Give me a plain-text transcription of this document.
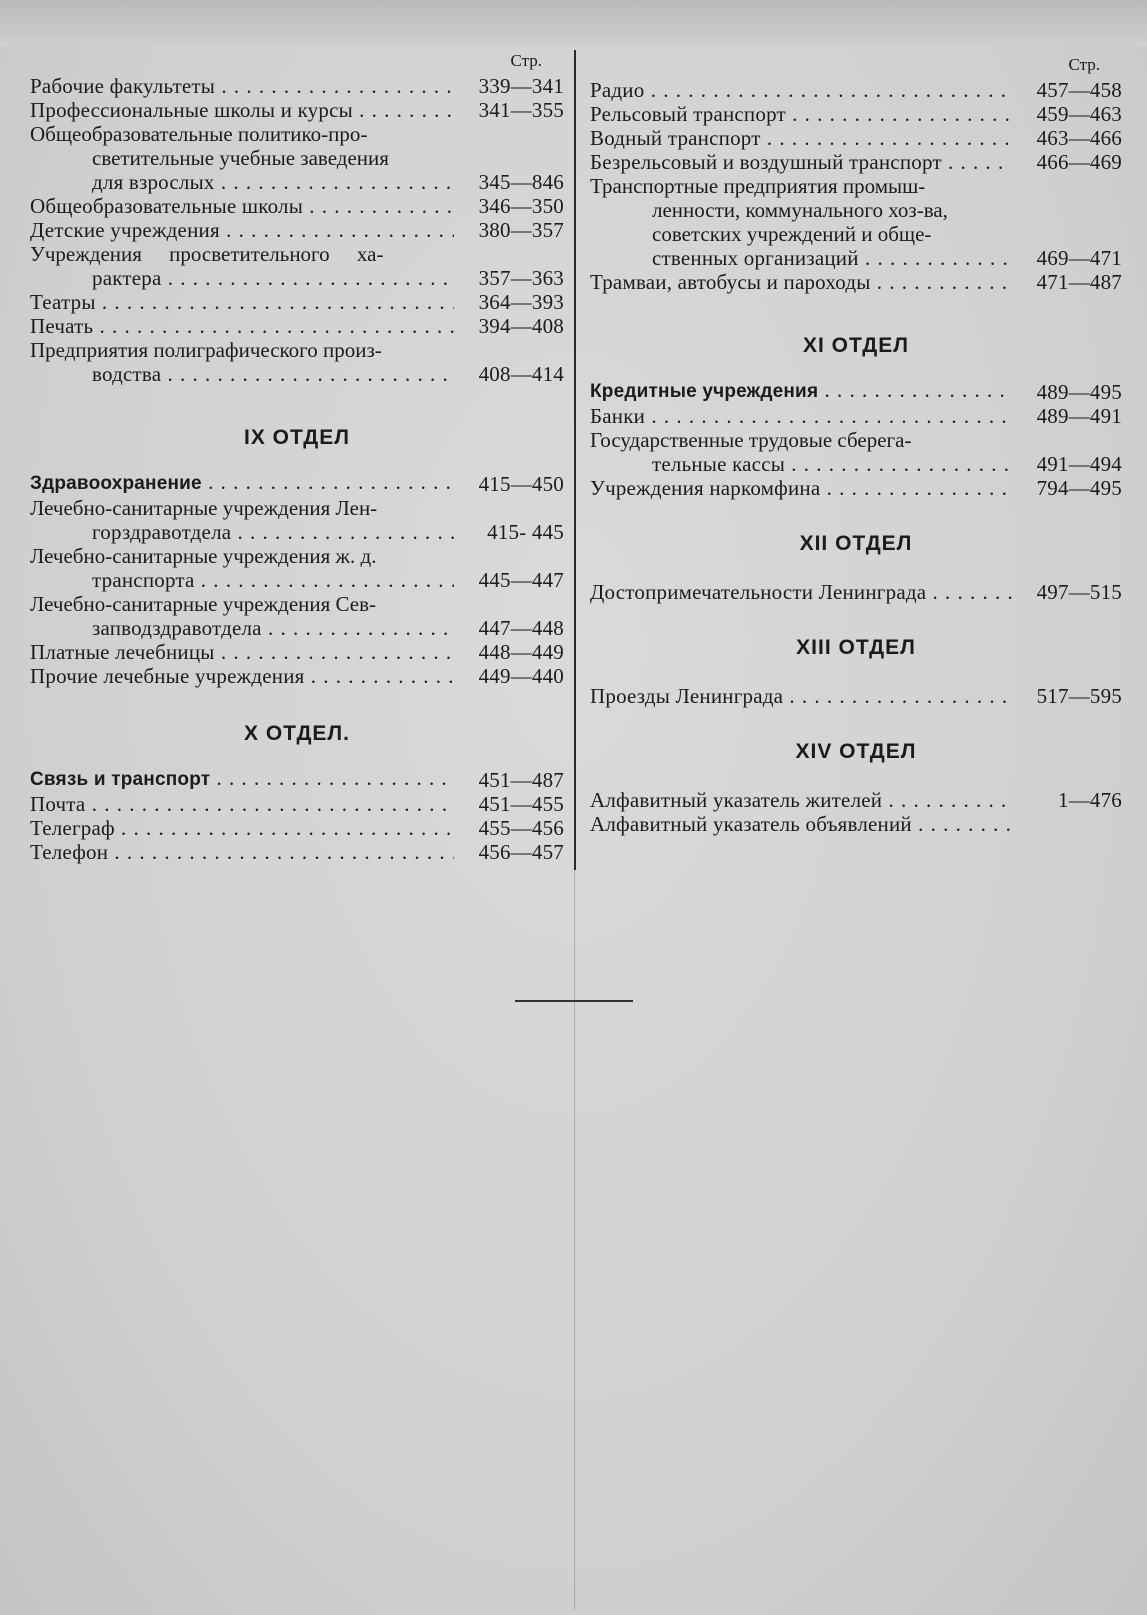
Стр.
Рабочие факультеты . . .	339—341
Профессиональные школы и курсы . . .	341—355
Общеобразовательные политико-про-
светительные учебные заведения
для взрослых . . .	345—846
Общеобразовательные школы . . .	346—350
Детские учреждения . . .	380—357
Учреждения просветительного ха-
рактера . . .	357—363
Театры . . .	364—393
Печать . . .	394—408
Предприятия полиграфического произ-
водства . . .	408—414
IX ОТДЕЛ
Здравоохранение . . .	415—450
Лечебно-санитарные учреждения Лен-
горздравотдела . . .	415- 445
Лечебно-санитарные учреждения ж. д.
транспорта . . .	445—447
Лечебно-санитарные учреждения Сев-
запводздравотдела . . .	447—448
Платные лечебницы . . .	448—449
Прочие лечебные учреждения . . .	449—440
X ОТДЕЛ.
Связь и транспорт . . .	451—487
Почта . . .	451—455
Телеграф . . .	455—456
Телефон . . .	456—457
Стр.
Радио . . .	457—458
Рельсовый транспорт . . .	459—463
Водный транспорт . . .	463—466
Безрельсовый и воздушный транспорт . . .	466—469
Транспортные предприятия промыш-
ленности, коммунального хоз-ва,
советских учреждений и обще-
ственных организаций . . .	469—471
Трамваи, автобусы и пароходы . . .	471—487
XI ОТДЕЛ
Кредитные учреждения . . .	489—495
Банки . . .	489—491
Государственные трудовые сберега-
тельные кассы . . .	491—494
Учреждения наркомфина . . .	794—495
XII ОТДЕЛ
Достопримечательности Ленинграда . . .	497—515
XIII ОТДЕЛ
Проезды Ленинграда . . .	517—595
XIV ОТДЕЛ
Алфавитный указатель жителей . . .	1—476
Алфавитный указатель объявлений . . .
